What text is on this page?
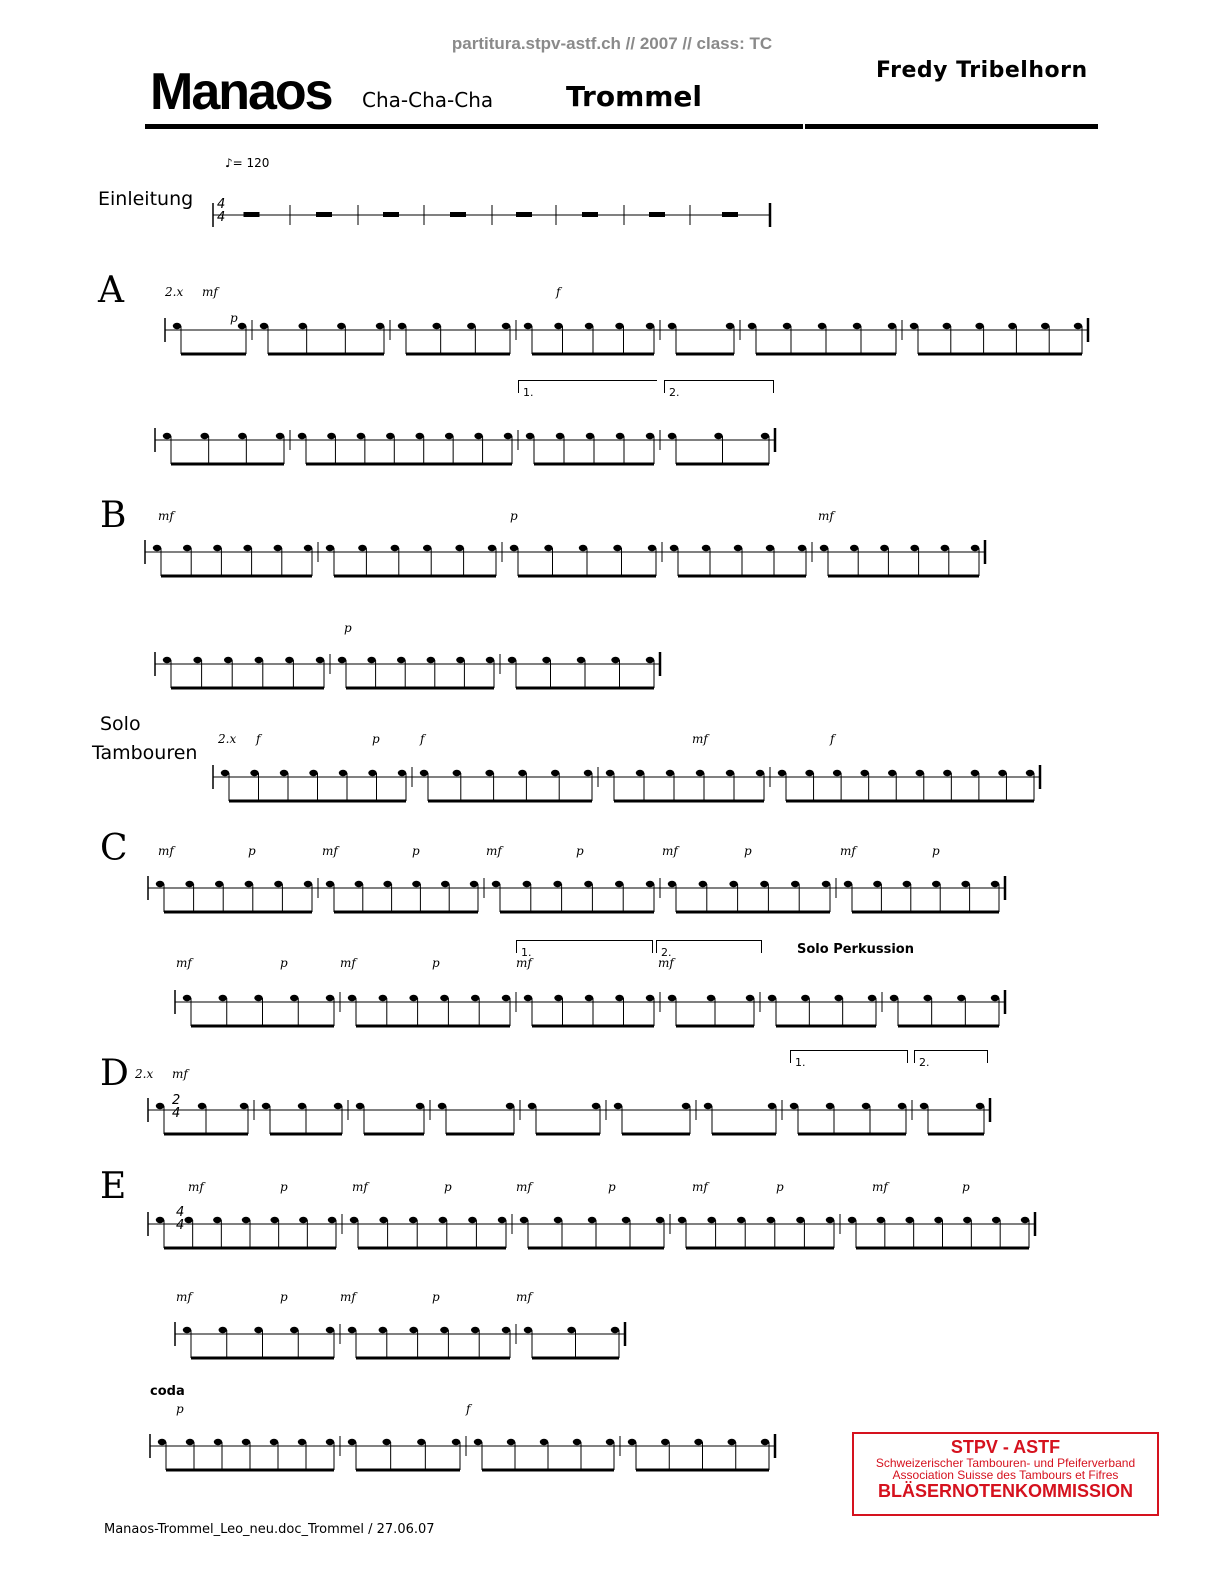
partitura.stpv-astf.ch // 2007 // class: TC
Manaos Cha-Cha-Cha	Trommel
Fredy Tribelhorn
♪= 120
Einleitung
A
B
Solo
Tambouren
C
D
E
coda
Solo Perkussion
2.x mf
p
f
mf	p	mf
p
2.x f	p	f	mf	f
mf	p	mf	p	mf	p	mf	p	mf	p
mf	p	mf	p	mf	mf
2.x mf
mf	p	mf	p	mf	p	mf	p	mf	p
mf	p	mf	p	mf
p	f
4
4
2
4
4
4
1.	2.
1.	2.
1.	2.
Manaos-Trommel_Leo_neu.doc_Trommel / 27.06.07
STPV - ASTF
Schweizerischer Tambouren- und Pfeiferverband
Association Suisse des Tambours et Fifres
BLÄSERNOTENKOMMISSION
